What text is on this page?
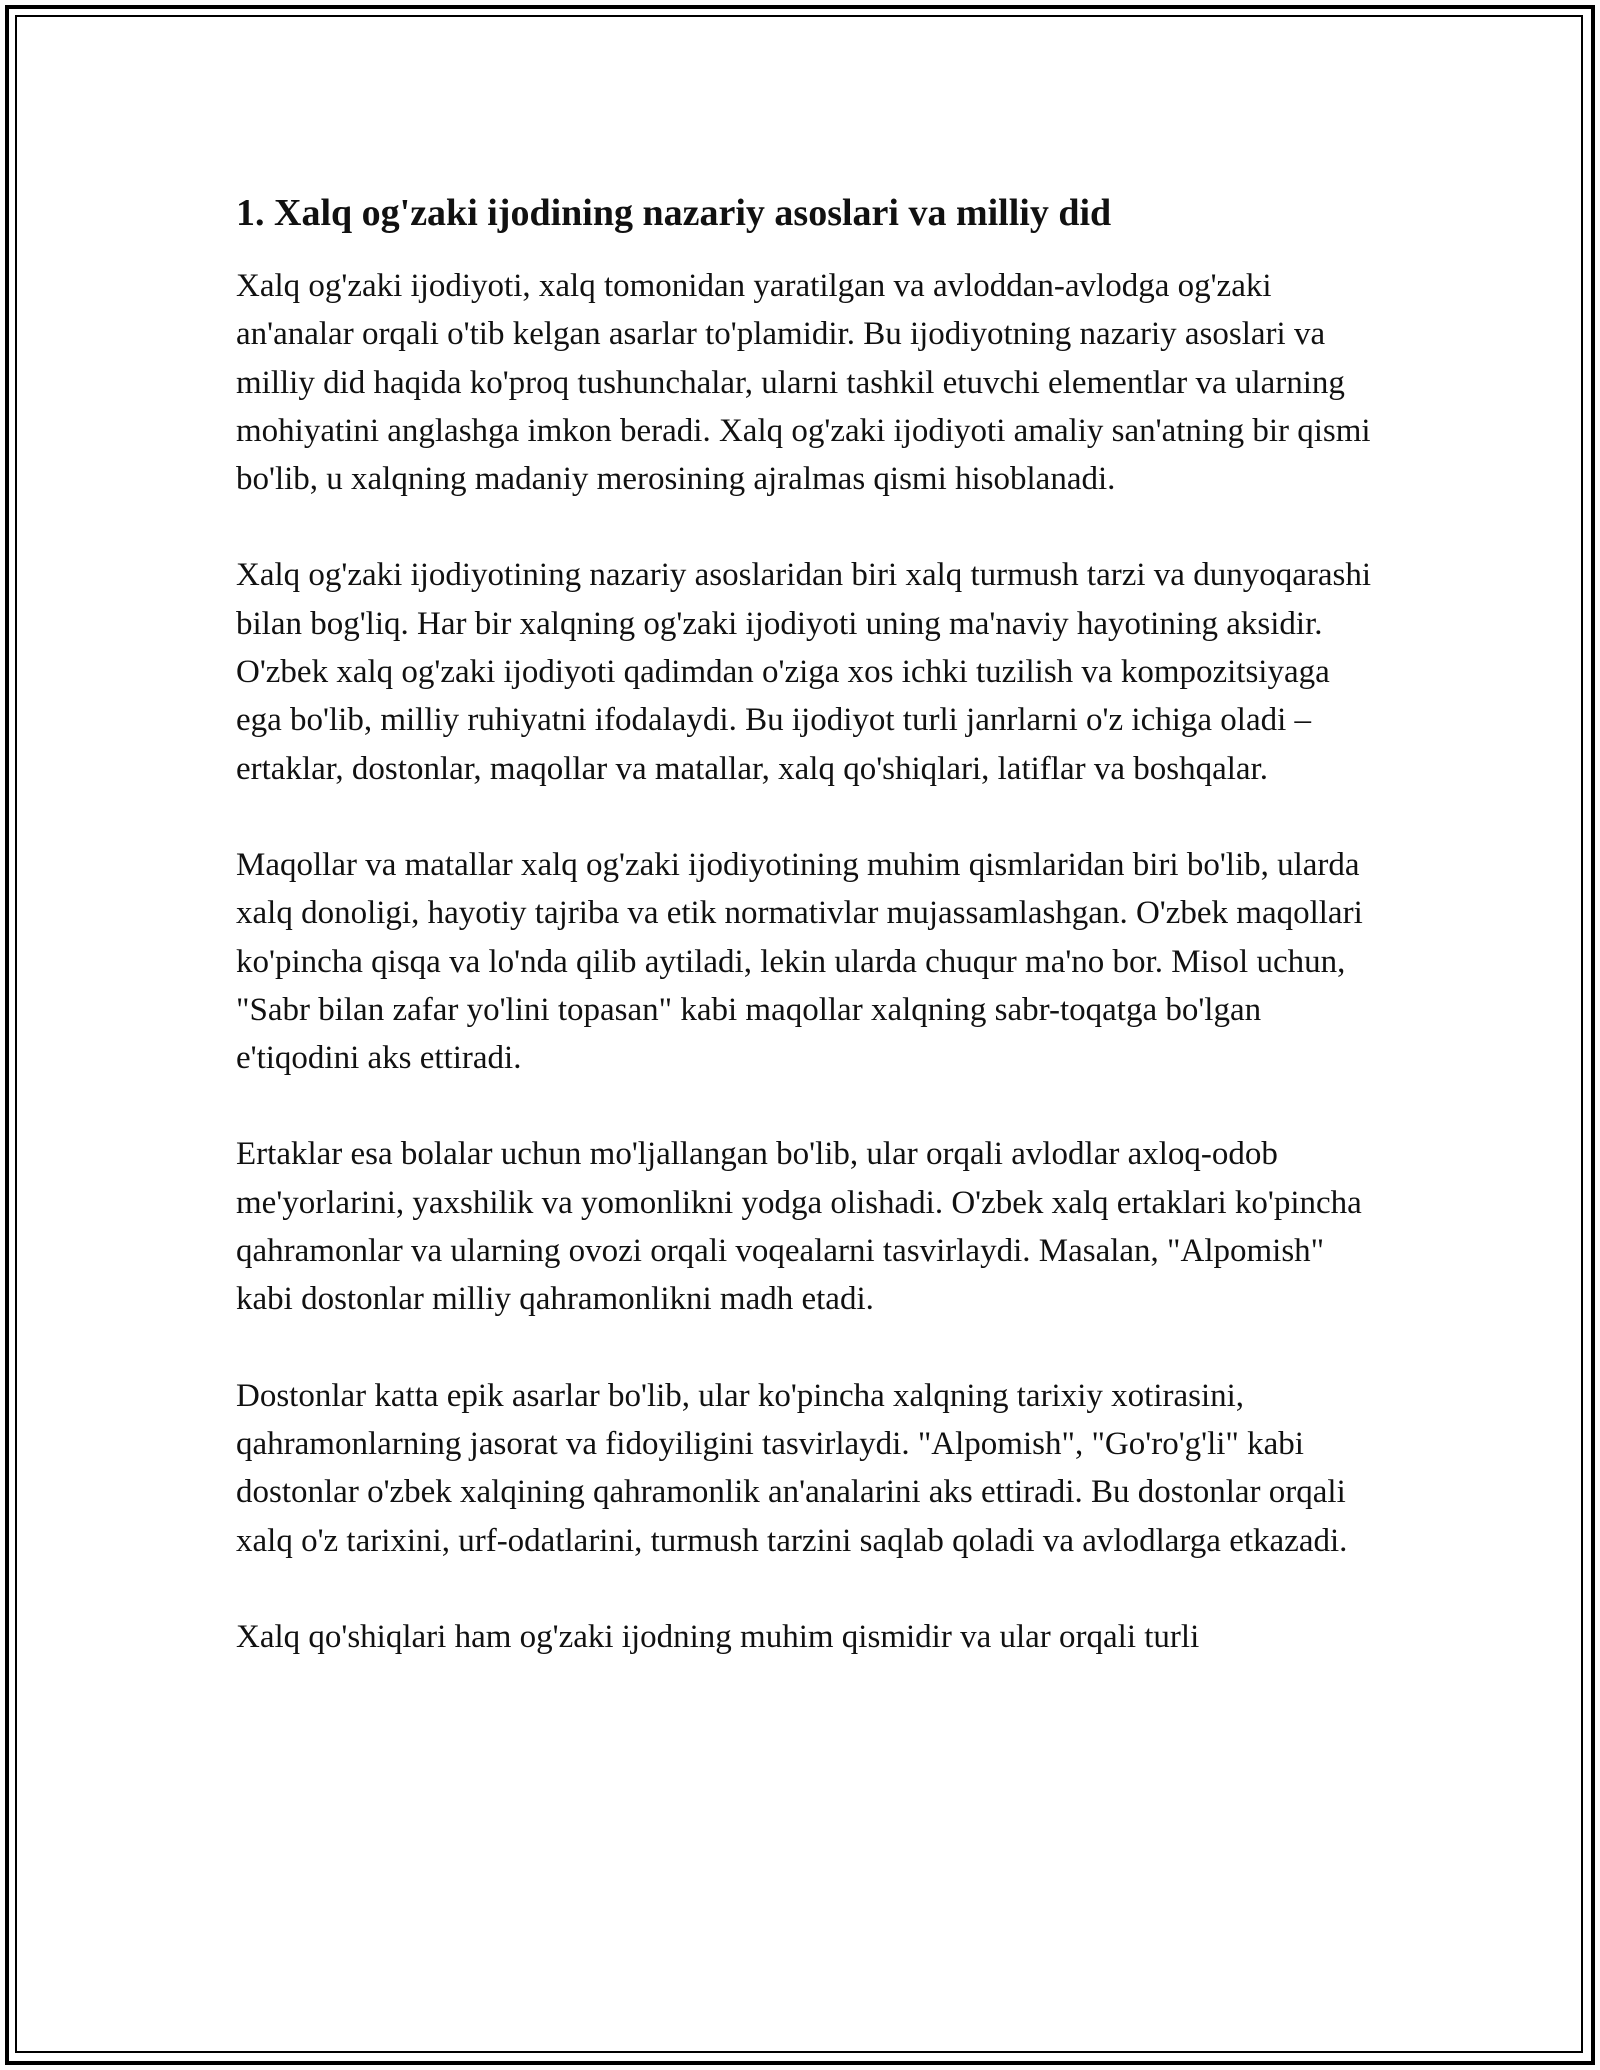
1. Xalq og'zaki ijodining nazariy asoslari va milliy did

Xalq og'zaki ijodiyoti, xalq tomonidan yaratilgan va avloddan-avlodga og'zaki an'analar orqali o'tib kelgan asarlar to'plamidir. Bu ijodiyotning nazariy asoslari va milliy did haqida ko'proq tushunchalar, ularni tashkil etuvchi elementlar va ularning mohiyatini anglashga imkon beradi. Xalq og'zaki ijodiyoti amaliy san'atning bir qismi bo'lib, u xalqning madaniy merosining ajralmas qismi hisoblanadi.

Xalq og'zaki ijodiyotining nazariy asoslaridan biri xalq turmush tarzi va dunyoqarashi bilan bog'liq. Har bir xalqning og'zaki ijodiyoti uning ma'naviy hayotining aksidir. O'zbek xalq og'zaki ijodiyoti qadimdan o'ziga xos ichki tuzilish va kompozitsiyaga ega bo'lib, milliy ruhiyatni ifodalaydi. Bu ijodiyot turli janrlarni o'z ichiga oladi – ertaklar, dostonlar, maqollar va matallar, xalq qo'shiqlari, latiflar va boshqalar.

Maqollar va matallar xalq og'zaki ijodiyotining muhim qismlaridan biri bo'lib, ularda xalq donoligi, hayotiy tajriba va etik normativlar mujassamlashgan. O'zbek maqollari ko'pincha qisqa va lo'nda qilib aytiladi, lekin ularda chuqur ma'no bor. Misol uchun, "Sabr bilan zafar yo'lini topasan" kabi maqollar xalqning sabr-toqatga bo'lgan e'tiqodini aks ettiradi.

Ertaklar esa bolalar uchun mo'ljallangan bo'lib, ular orqali avlodlar axloq-odob me'yorlarini, yaxshilik va yomonlikni yodga olishadi. O'zbek xalq ertaklari ko'pincha qahramonlar va ularning ovozi orqali voqealarni tasvirlaydi. Masalan, "Alpomish" kabi dostonlar milliy qahramonlikni madh etadi.

Dostonlar katta epik asarlar bo'lib, ular ko'pincha xalqning tarixiy xotirasini, qahramonlarning jasorat va fidoyiligini tasvirlaydi. "Alpomish", "Go'ro'g'li" kabi dostonlar o'zbek xalqining qahramonlik an'analarini aks ettiradi. Bu dostonlar orqali xalq o'z tarixini, urf-odatlarini, turmush tarzini saqlab qoladi va avlodlarga etkazadi.

Xalq qo'shiqlari ham og'zaki ijodning muhim qismidir va ular orqali turli
